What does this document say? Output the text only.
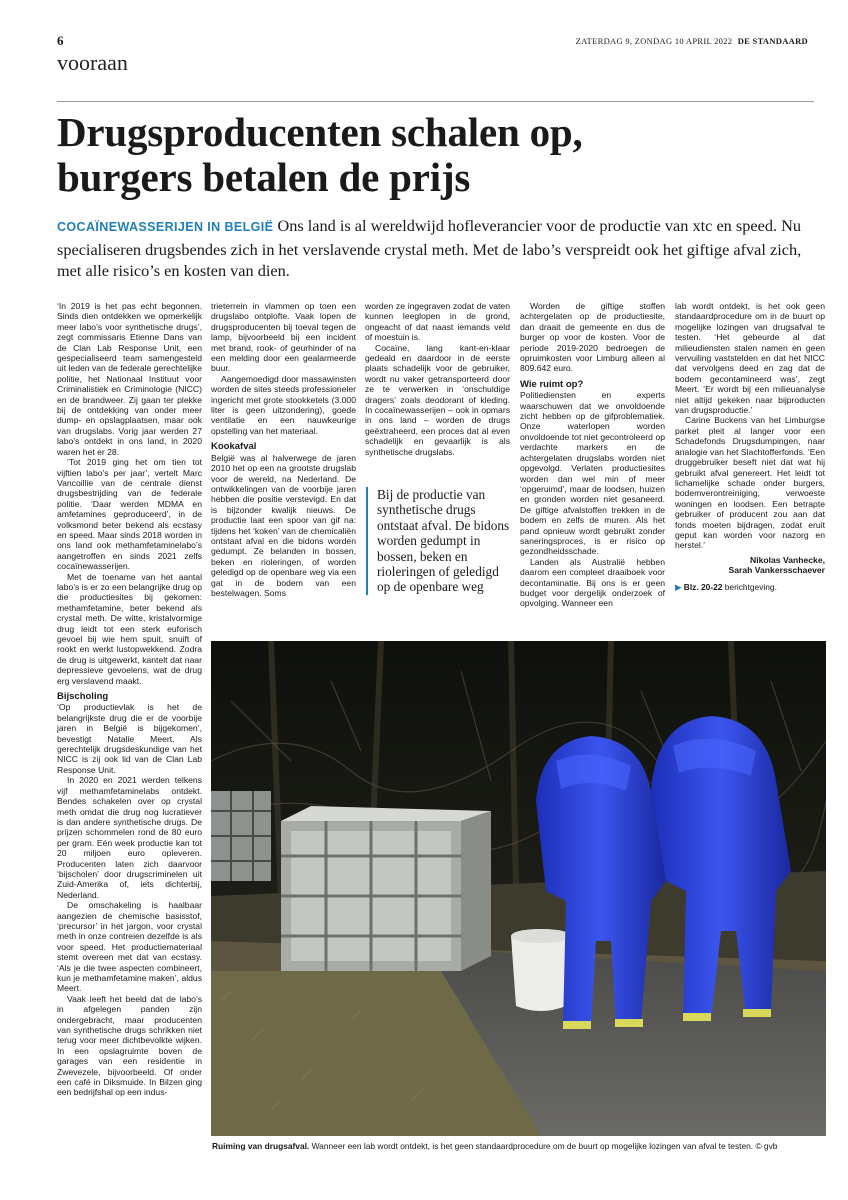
6	ZATERDAG 9, ZONDAG 10 APRIL 2022 DE STANDAARD
vooraan
Drugsproducenten schalen op,
burgers betalen de prijs
COCAÏNEWASSERIJEN IN BELGIË Ons land is al wereldwijd hofleverancier voor de productie van xtc en speed. Nu specialiseren drugsbendes zich in het verslavende crystal meth. Met de labo’s verspreidt ook het giftige afval zich, met alle risico’s en kosten van dien.

‘In 2019 is het pas echt begonnen. Sinds dien ontdekken we opmerkelijk meer labo’s voor synthetische drugs’, zegt commissaris Etienne Dans van de Clan Lab Response Unit, een gespecialiseerd team samengesteld uit leden van de federale gerechtelijke politie, het Nationaal Instituut voor Criminalistiek en Criminologie (NICC) en de brandweer. Zij gaan ter plekke bij de ontdekking van onder meer dump- en opslagplaatsen, maar ook van drugslabs. Vorig jaar werden 27 labo’s ontdekt in ons land, in 2020 waren het er 28.

‘Tot 2019 ging het om tien tot vijftien labo’s per jaar’, vertelt Marc Vancoillie van de centrale dienst drugsbestrijding van de federale politie. ‘Daar werden MDMA en amfetamines geproduceerd’, in de volksmond beter bekend als ecstasy en speed. Maar sinds 2018 worden in ons land ook methamfetaminelabo’s aangetroffen en sinds 2021 zelfs cocaïnewasserijen.

Met de toename van het aantal labo’s is er zo een belangrijke drug op die productiesites bij gekomen: methamfetamine, beter bekend als crystal meth. De witte, kristalvormige drug leidt tot een sterk euforisch gevoel bij wie hem spuit, snuift of rookt en werkt lustopwekkend. Zodra de drug is uitgewerkt, kantelt dat naar depressieve gevoelens, wat de drug erg verslavend maakt.

Bijscholing

‘Op productievlak is het de belangrijkste drug die er de voorbije jaren in België is bijgekomen’, bevestigt Natalie Meert. Als gerechtelijk drugsdeskundige van het NICC is zij ook lid van de Clan Lab Response Unit.

In 2020 en 2021 werden telkens vijf methamfetaminelabs ontdekt. Bendes schakelen over op crystal meth omdat die drug nog lucratiever is dan andere synthetische drugs. De prijzen schommelen rond de 80 euro per gram. Eén week productie kan tot 20 miljoen euro opleveren. Producenten laten zich daarvoor ‘bijscholen’ door drugscriminelen uit Zuid-Amerika of, iets dichterbij, Nederland.

De omschakeling is haalbaar aangezien de chemische basisstof, ‘precursor’ in het jargon, voor crystal meth in onze contreien dezelfde is als voor speed. Het productiemateriaal stemt overeen met dat van ecstasy. ‘Als je die twee aspecten combineert, kun je methamfetamine maken’, aldus Meert.

Vaak leeft het beeld dat de labo’s in afgelegen panden zijn ondergebracht, maar producenten van synthetische drugs schrikken niet terug voor meer dichtbevolkte wijken. In een opslagruimte boven de garages van een residentie in Zwevezele, bijvoorbeeld. Of onder een café in Diksmuide. In Bilzen ging een bedrijfshal op een indus-

trieterrein in vlammen op toen een drugslabo ontplofte. Vaak lopen de drugsproducenten bij toeval tegen de lamp, bijvoorbeeld bij een incident met brand, rook- of geurhinder of na een melding door een gealarmeerde buur.

Aangemoedigd door massawinsten worden de sites steeds professioneler ingericht met grote stookketels (3.000 liter is geen uitzondering), goede ventilatie en een nauwkeurige opstelling van het materiaal.

Kookafval

België was al halverwege de jaren 2010 het op een na grootste drugslab voor de wereld, na Nederland. De ontwikkelingen van de voorbije jaren hebben die positie verstevigd. En dat is bijzonder kwalijk nieuws. De productie laat een spoor van gif na: tijdens het ‘koken’ van de chemicaliën ontstaat afval en die bidons worden gedumpt. Ze belanden in bossen, beken en rioleringen, of worden geledigd op de openbare weg via een gat in de bodem van een bestelwagen. Soms

worden ze ingegraven zodat de vaten kunnen leeglopen in de grond, ongeacht of dat naast iemands veld of moestuin is.

Cocaïne, lang kant-en-klaar gedeald en daardoor in de eerste plaats schadelijk voor de gebruiker, wordt nu vaker getransporteerd door ze te verwerken in ‘onschuldige dragers’ zoals deodorant of kleding. In cocaïnewasserijen – ook in opmars in ons land – worden de drugs geëxtraheerd, een proces dat al even schadelijk en gevaarlijk is als synthetische drugslabs.

Bij de productie van synthetische drugs ontstaat afval. De bidons worden gedumpt in bossen, beken en rioleringen of geledigd op de openbare weg

Worden de giftige stoffen achtergelaten op de productiesite, dan draait de gemeente en dus de burger op voor de kosten. Voor de periode 2019-2020 bedroegen de opruimkosten voor Limburg alleen al 809.642 euro.

Wie ruimt op?

Politiediensten en experts waarschuwen dat we onvoldoende zicht hebben op de gifproblematiek. Onze waterlopen worden onvoldoende tot niet gecontroleerd op verdachte markers en de achtergelaten drugslabs worden niet opgevolgd. Verlaten productiesites worden dan wel min of meer ‘opgeruimd’, maar de loodsen, huizen en gronden worden niet gesaneerd. De giftige afvalstoffen trekken in de bodem en zelfs de muren. Als het pand opnieuw wordt gebruikt zonder saneringsproces, is er risico op gezondheidsschade.

Landen als Australië hebben daarom een compleet draaiboek voor decontaminatie. Bij ons is er geen budget voor dergelijk onderzoek of opvolging. Wanneer een

lab wordt ontdekt, is het ook geen standaardprocedure om in de buurt op mogelijke lozingen van drugsafval te testen. ‘Het gebeurde al dat milieudiensten stalen namen en geen vervuiling vaststelden en dat het NICC dat vervolgens deed en zag dat de bodem gecontamineerd was’, zegt Meert. ‘Er wordt bij een milieuanalyse niet altijd gekeken naar bijproducten van drugsproductie.’

Carine Buckens van het Limburgse parket pleit al langer voor een Schadefonds Drugsdumpingen, naar analogie van het Slachtofferfonds. ‘Een druggebruiker beseft niet dat wat hij gebruikt afval genereert. Het leidt tot lichamelijke schade onder burgers, bodemverontreiniging, verwoeste woningen en loodsen. Een betrapte gebruiker of producent zou aan dat fonds moeten bijdragen, zodat eruit geput kan worden voor nazorg en herstel.’

Nikolas Vanhecke,
Sarah Vankersschaever

▶ Blz. 20-22 berichtgeving.

Ruiming van drugsafval. Wanneer een lab wordt ontdekt, is het geen standaardprocedure om de buurt op mogelijke lozingen van afval te testen. © gvb
